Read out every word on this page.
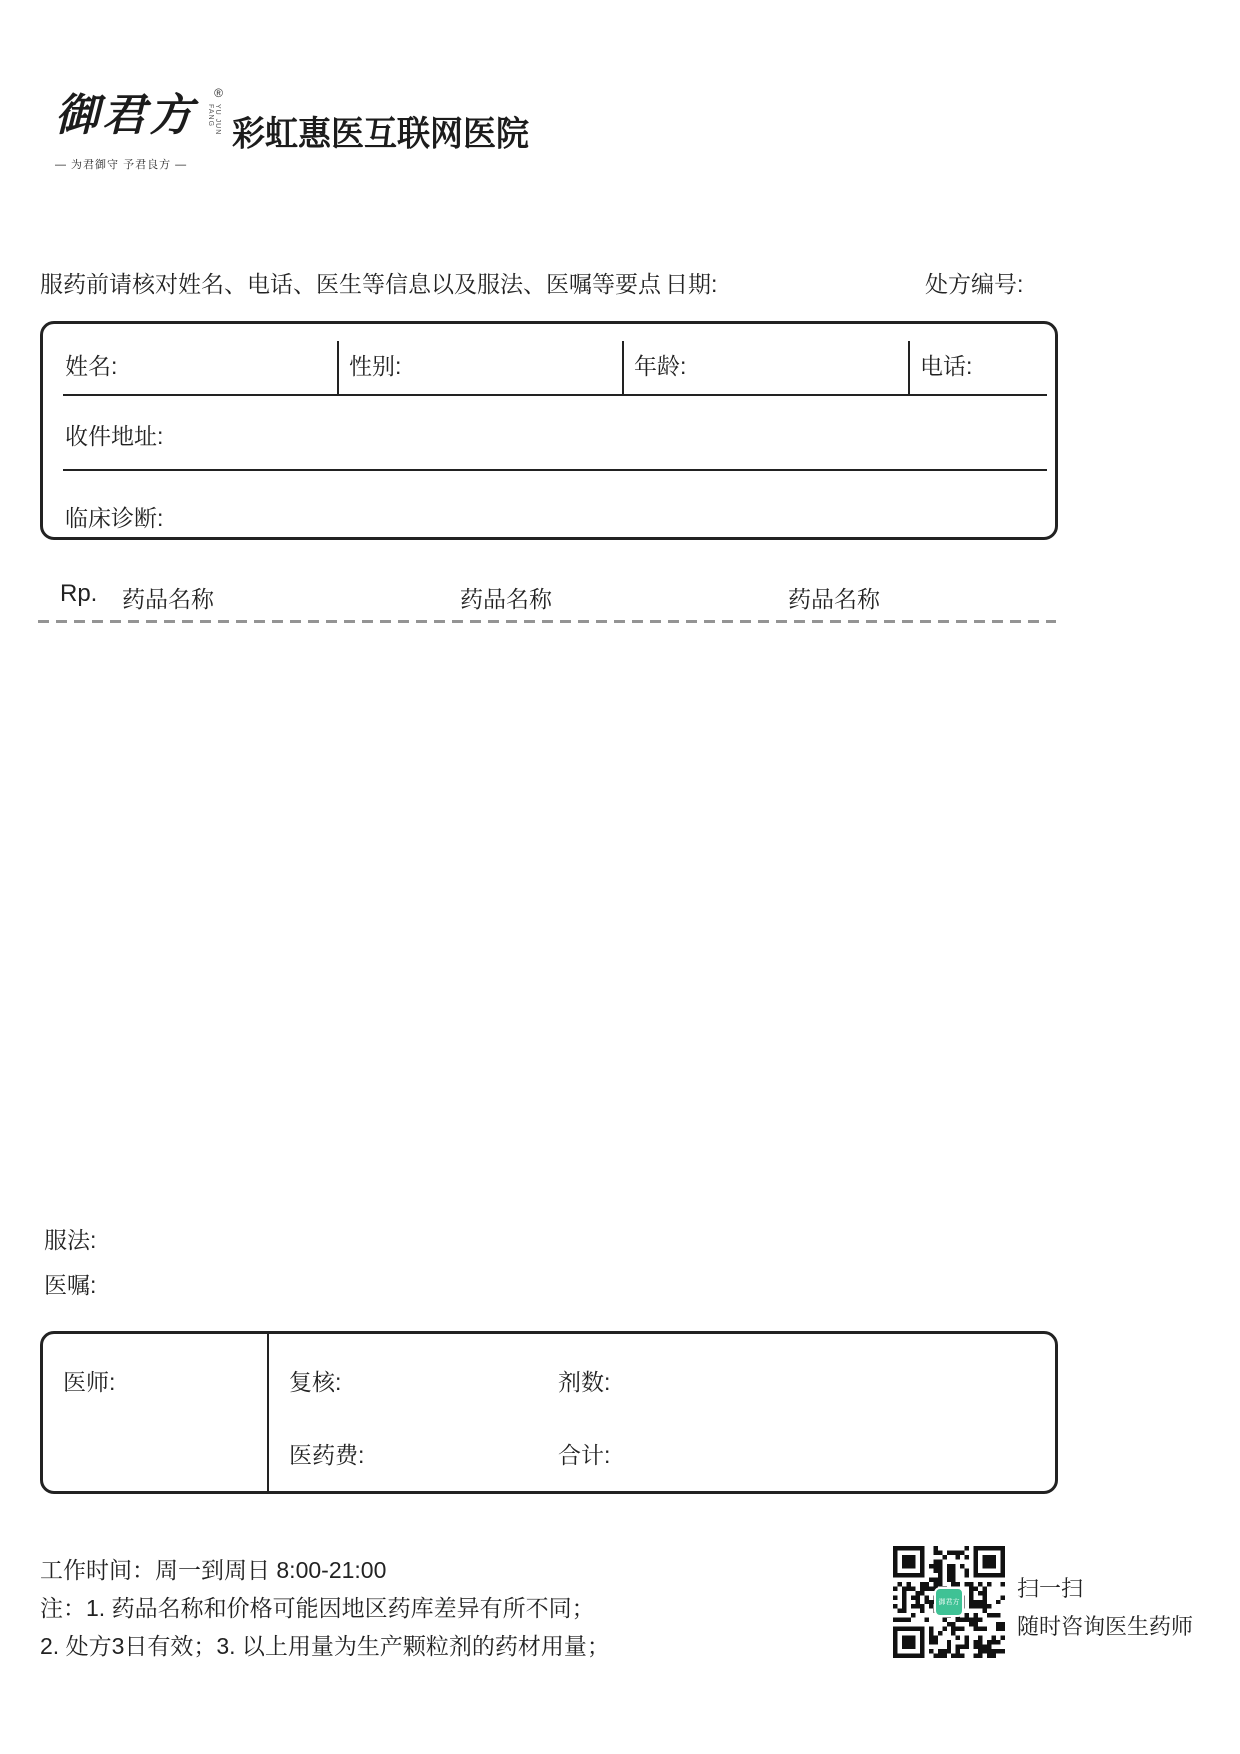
御君方 ®
YU JUN FANG
— 为君御守 予君良方 —
彩虹惠医互联网医院
服药前请核对姓名、电话、医生等信息以及服法、医嘱等要点 日期:	处方编号:
姓名:	性别:	年龄:	电话:
收件地址:
临床诊断:
Rp. 药品名称	药品名称	药品名称
服法:
医嘱:
医师:	复核:	剂数:
医药费:	合计:
工作时间：周一到周日 8:00-21:00
注：1. 药品名称和价格可能因地区药库差异有所不同；
2. 处方3日有效；3. 以上用量为生产颗粒剂的药材用量；
御君方
扫一扫
随时咨询医生药师
